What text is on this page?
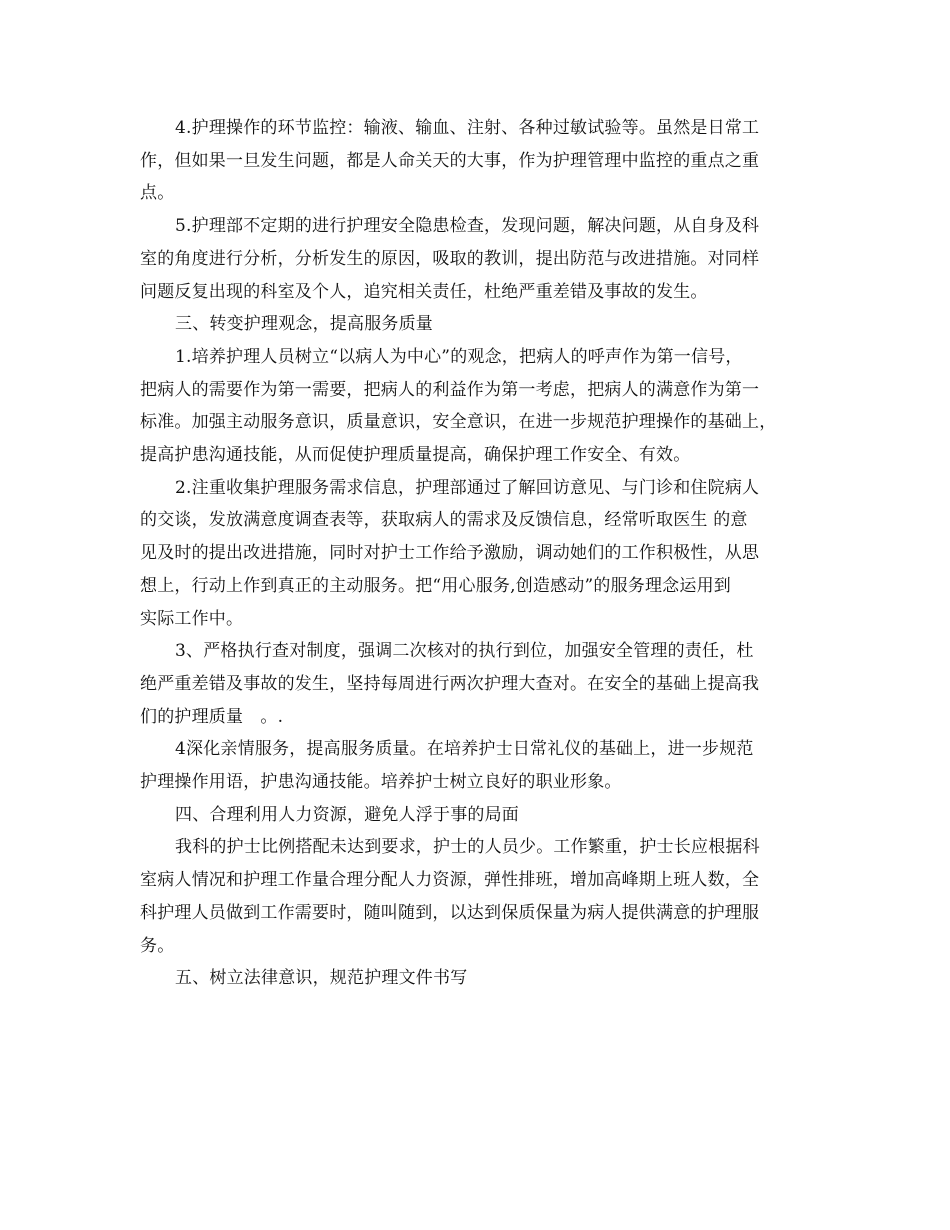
4.护理操作的环节监控：输液、输血、注射、各种过敏试验等。虽然是日常工
作，但如果一旦发生问题，都是人命关天的大事，作为护理管理中监控的重点之重
点。

5.护理部不定期的进行护理安全隐患检查，发现问题，解决问题，从自身及科
室的角度进行分析，分析发生的原因，吸取的教训，提出防范与改进措施。对同样
问题反复出现的科室及个人，追究相关责任，杜绝严重差错及事故的发生。

三、转变护理观念，提高服务质量

1.培养护理人员树立“以病人为中心”的观念，把病人的呼声作为第一信号，
把病人的需要作为第一需要，把病人的利益作为第一考虑，把病人的满意作为第一
标准。加强主动服务意识，质量意识，安全意识，在进一步规范护理操作的基础上，
提高护患沟通技能，从而促使护理质量提高，确保护理工作安全、有效。

2.注重收集护理服务需求信息，护理部通过了解回访意见、与门诊和住院病人
的交谈，发放满意度调查表等，获取病人的需求及反馈信息，经常听取医生 的意
见及时的提出改进措施，同时对护士工作给予激励，调动她们的工作积极性，从思
想上，行动上作到真正的主动服务。把“用心服务,创造感动”的服务理念运用到
实际工作中。

3、严格执行查对制度，强调二次核对的执行到位，加强安全管理的责任，杜
绝严重差错及事故的发生，坚持每周进行两次护理大查对。在安全的基础上提高我
们的护理质量　。.

4深化亲情服务，提高服务质量。在培养护士日常礼仪的基础上，进一步规范
护理操作用语，护患沟通技能。培养护士树立良好的职业形象。

四、合理利用人力资源，避免人浮于事的局面

我科的护士比例搭配未达到要求，护士的人员少。工作繁重，护士长应根据科
室病人情况和护理工作量合理分配人力资源，弹性排班，增加高峰期上班人数，全
科护理人员做到工作需要时，随叫随到，以达到保质保量为病人提供满意的护理服
务。

五、树立法律意识，规范护理文件书写
